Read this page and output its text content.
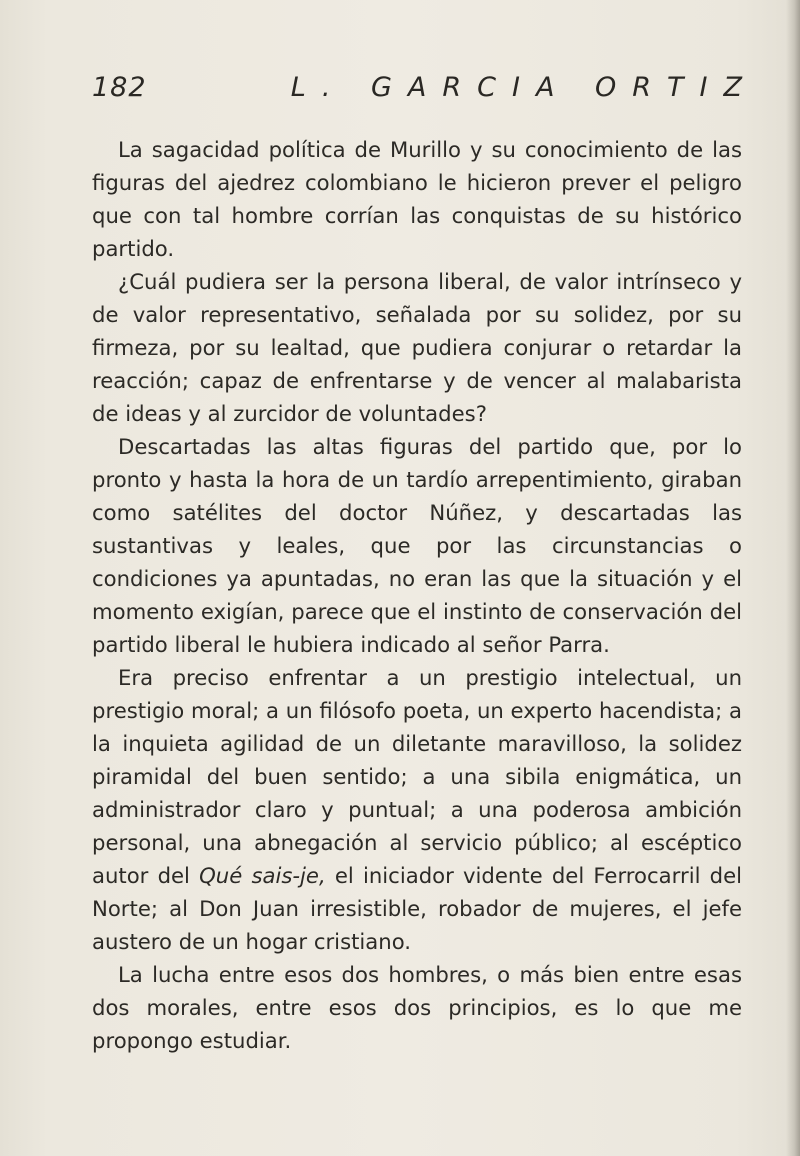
182	L. GARCIA ORTIZ

La sagacidad política de Murillo y su conocimiento de las figuras del ajedrez colombiano le hicieron prever el peligro que con tal hombre corrían las conquistas de su histórico partido.

¿Cuál pudiera ser la persona liberal, de valor intrínseco y de valor representativo, señalada por su solidez, por su firmeza, por su lealtad, que pudiera conjurar o retardar la reacción; capaz de enfrentarse y de vencer al malabarista de ideas y al zurcidor de voluntades?

Descartadas las altas figuras del partido que, por lo pronto y hasta la hora de un tardío arrepentimiento, giraban como satélites del doctor Núñez, y descartadas las sustantivas y leales, que por las circunstancias o condiciones ya apuntadas, no eran las que la situación y el momento exigían, parece que el instinto de conservación del partido liberal le hubiera indicado al señor Parra.

Era preciso enfrentar a un prestigio intelectual, un prestigio moral; a un filósofo poeta, un experto hacendista; a la inquieta agilidad de un diletante maravilloso, la solidez piramidal del buen sentido; a una sibila enigmática, un administrador claro y puntual; a una poderosa ambición personal, una abnegación al servicio público; al escéptico autor del Qué sais-je, el iniciador vidente del Ferrocarril del Norte; al Don Juan irresistible, robador de mujeres, el jefe austero de un hogar cristiano.

La lucha entre esos dos hombres, o más bien entre esas dos morales, entre esos dos principios, es lo que me propongo estudiar.
